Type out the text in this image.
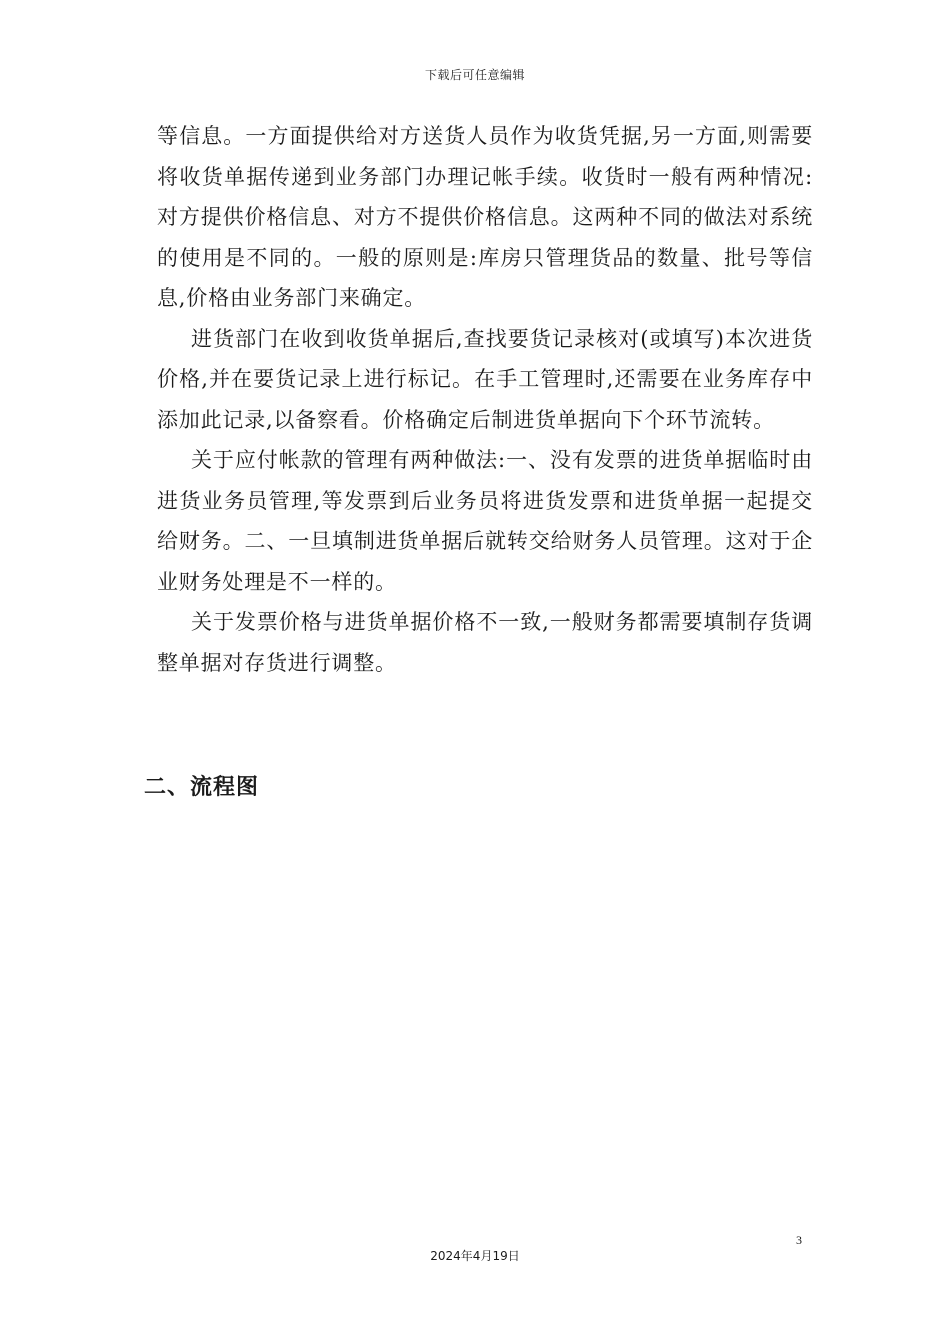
下载后可任意编辑

等信息。一方面提供给对方送货人员作为收货凭据,另一方面,则需要将收货单据传递到业务部门办理记帐手续。收货时一般有两种情况:对方提供价格信息、对方不提供价格信息。这两种不同的做法对系统的使用是不同的。一般的原则是:库房只管理货品的数量、批号等信息,价格由业务部门来确定。

进货部门在收到收货单据后,查找要货记录核对(或填写)本次进货价格,并在要货记录上进行标记。在手工管理时,还需要在业务库存中添加此记录,以备察看。价格确定后制进货单据向下个环节流转。

关于应付帐款的管理有两种做法:一、没有发票的进货单据临时由进货业务员管理,等发票到后业务员将进货发票和进货单据一起提交给财务。二、一旦填制进货单据后就转交给财务人员管理。这对于企业财务处理是不一样的。

关于发票价格与进货单据价格不一致,一般财务都需要填制存货调整单据对存货进行调整。

二、流程图
3
2024年4月19日
